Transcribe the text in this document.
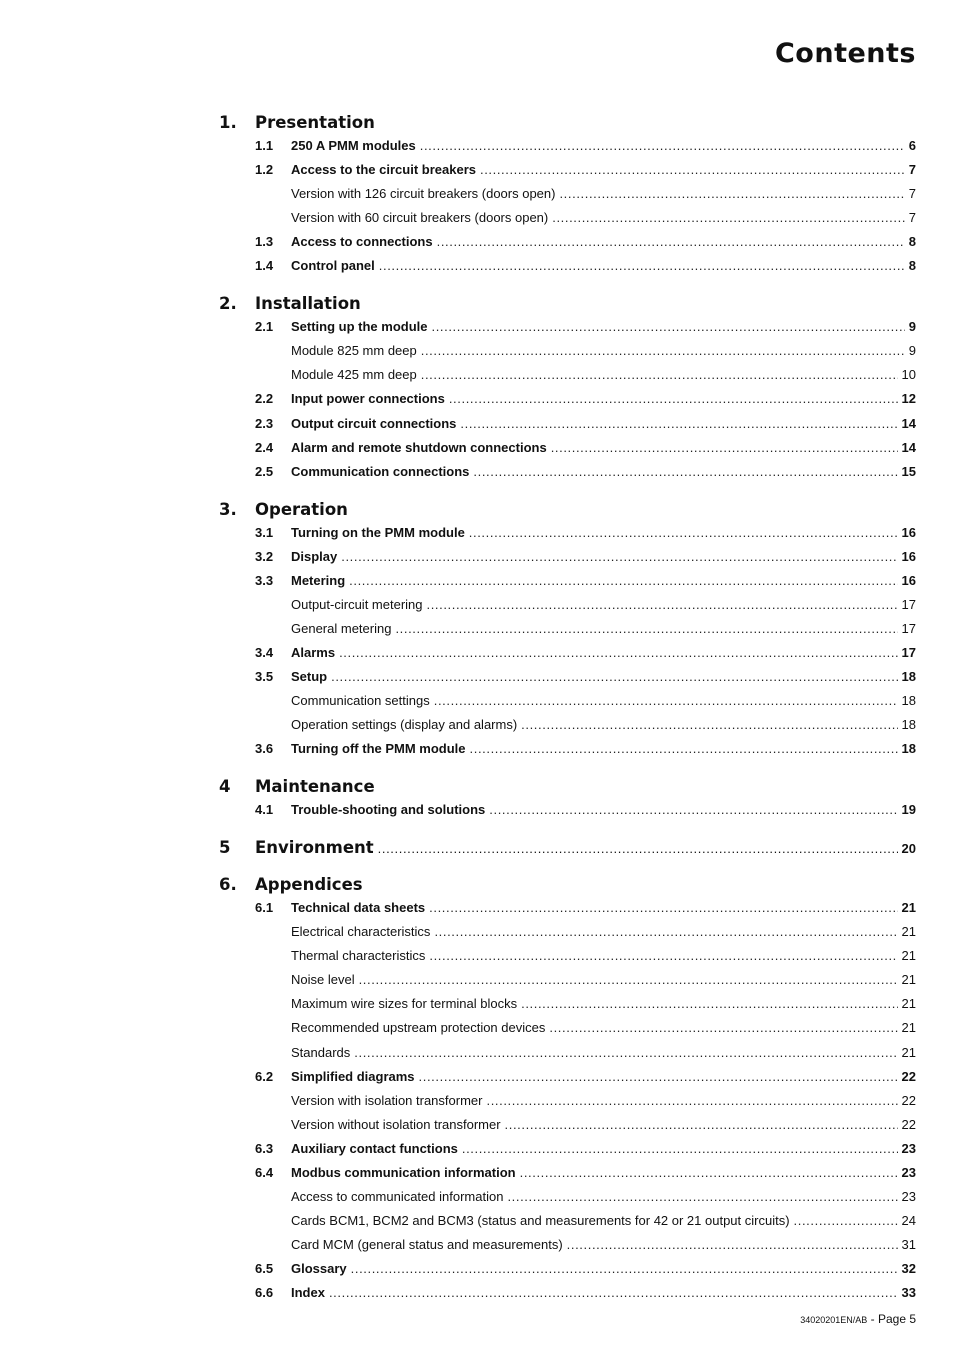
Contents
1. Presentation
1.1 250 A PMM modules .....	6
1.2 Access to the circuit breakers .....	7
Version with 126 circuit breakers (doors open) .....	7
Version with 60 circuit breakers (doors open) .....	7
1.3 Access to connections .....	8
1.4 Control panel .....	8
2. Installation
2.1 Setting up the module .....	9
Module 825 mm deep .....	9
Module 425 mm deep .....	10
2.2 Input power connections .....	12
2.3 Output circuit connections .....	14
2.4 Alarm and remote shutdown connections .....	14
2.5 Communication connections .....	15
3. Operation
3.1 Turning on the PMM module .....	16
3.2 Display .....	16
3.3 Metering .....	16
Output-circuit metering .....	17
General metering .....	17
3.4 Alarms .....	17
3.5 Setup .....	18
Communication settings .....	18
Operation settings (display and alarms) .....	18
3.6 Turning off the PMM module .....	18
4 Maintenance
4.1 Trouble-shooting and solutions .....	19
5 Environment .....	20
6. Appendices
6.1 Technical data sheets .....	21
Electrical characteristics .....	21
Thermal characteristics .....	21
Noise level .....	21
Maximum wire sizes for terminal blocks .....	21
Recommended upstream protection devices .....	21
Standards .....	21
6.2 Simplified diagrams .....	22
Version with isolation transformer .....	22
Version without isolation transformer .....	22
6.3 Auxiliary contact functions .....	23
6.4 Modbus communication information .....	23
Access to communicated information .....	23
Cards BCM1, BCM2 and BCM3 (status and measurements for 42 or 21 output circuits) .....	24
Card MCM (general status and measurements) .....	31
6.5 Glossary .....	32
6.6 Index .....	33
34020201EN/AB - Page 5
